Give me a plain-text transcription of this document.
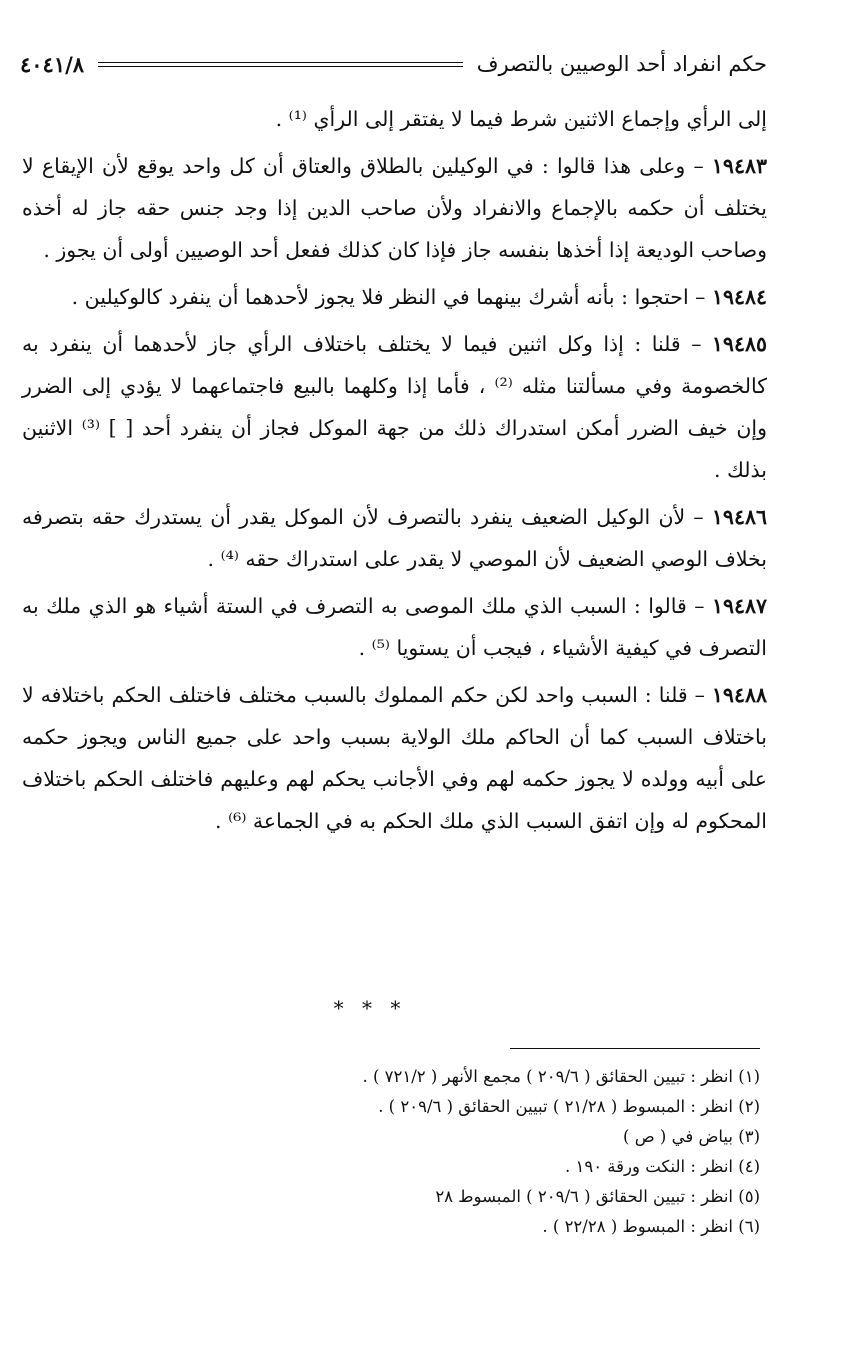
حكم انفراد أحد الوصيين بالتصرف
٤٠٤١/٨

إلى الرأي وإجماع الاثنين شرط فيما لا يفتقر إلى الرأي ⁽¹⁾ .

١٩٤٨٣ – وعلى هذا قالوا : في الوكيلين بالطلاق والعتاق أن كل واحد يوقع لأن الإيقاع لا يختلف أن حكمه بالإجماع والانفراد ولأن صاحب الدين إذا وجد جنس حقه جاز له أخذه وصاحب الوديعة إذا أخذها بنفسه جاز فإذا كان كذلك ففعل أحد الوصيين أولى أن يجوز .

١٩٤٨٤ – احتجوا : بأنه أشرك بينهما في النظر فلا يجوز لأحدهما أن ينفرد كالوكيلين .

١٩٤٨٥ – قلنا : إذا وكل اثنين فيما لا يختلف باختلاف الرأي جاز لأحدهما أن ينفرد به كالخصومة وفي مسألتنا مثله ⁽²⁾ ، فأما إذا وكلهما بالبيع فاجتماعهما لا يؤدي إلى الضرر وإن خيف الضرر أمكن استدراك ذلك من جهة الموكل فجاز أن ينفرد أحد [ ] ⁽³⁾ الاثنين بذلك .

١٩٤٨٦ – لأن الوكيل الضعيف ينفرد بالتصرف لأن الموكل يقدر أن يستدرك حقه بتصرفه بخلاف الوصي الضعيف لأن الموصي لا يقدر على استدراك حقه ⁽⁴⁾ .

١٩٤٨٧ – قالوا : السبب الذي ملك الموصى به التصرف في الستة أشياء هو الذي ملك به التصرف في كيفية الأشياء ، فيجب أن يستويا ⁽⁵⁾ .

١٩٤٨٨ – قلنا : السبب واحد لكن حكم المملوك بالسبب مختلف فاختلف الحكم باختلافه لا باختلاف السبب كما أن الحاكم ملك الولاية بسبب واحد على جميع الناس ويجوز حكمه على أبيه وولده لا يجوز حكمه لهم وفي الأجانب يحكم لهم وعليهم فاختلف الحكم باختلاف المحكوم له وإن اتفق السبب الذي ملك الحكم به في الجماعة ⁽⁶⁾ .

* * *
(١) انظر : تبيين الحقائق ( ٢٠٩/٦ ) مجمع الأنهر ( ٧٢١/٢ ) .
(٢) انظر : المبسوط ( ٢١/٢٨ ) تبيين الحقائق ( ٢٠٩/٦ ) .
(٣) بياض في ( ص )
(٤) انظر : النكت ورقة ١٩٠ .
(٥) انظر : تبيين الحقائق ( ٢٠٩/٦ ) المبسوط ٢٨
(٦) انظر : المبسوط ( ٢٢/٢٨ ) .
